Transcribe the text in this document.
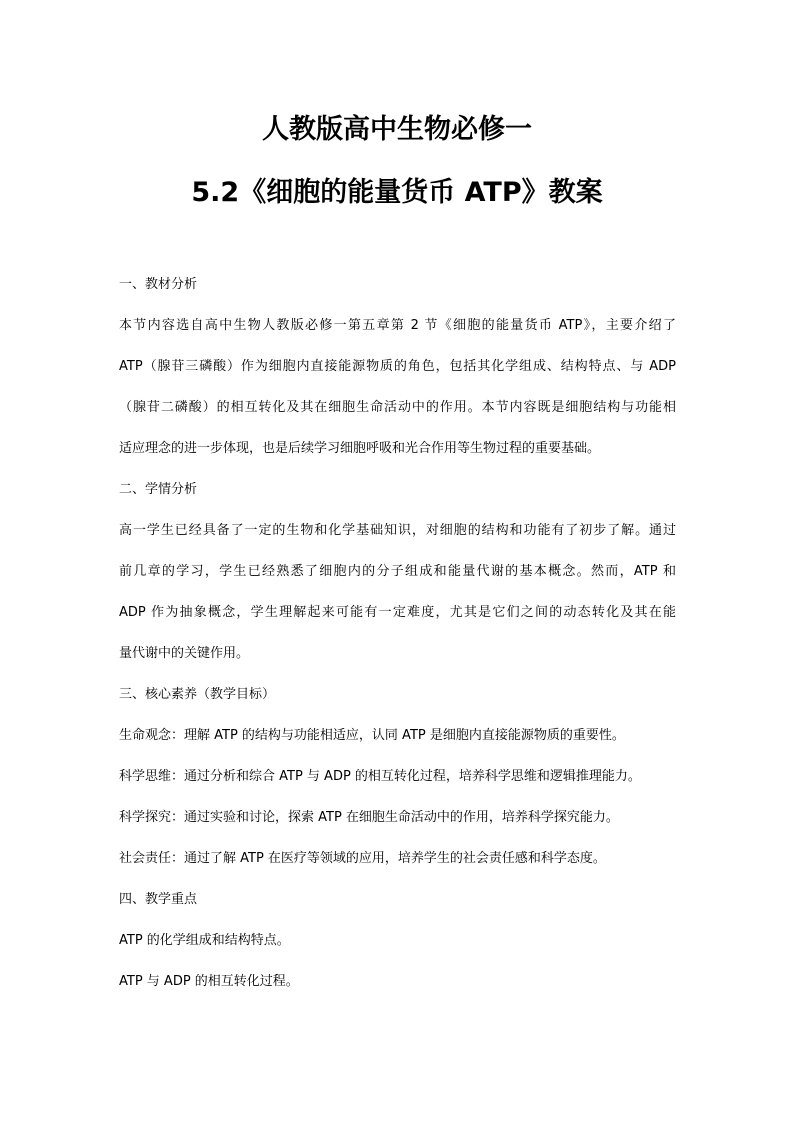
人教版高中生物必修一
5.2《细胞的能量货币 ATP》教案
一、教材分析
本节内容选自高中生物人教版必修一第五章第 2 节《细胞的能量货币 ATP》，主要介绍了
ATP（腺苷三磷酸）作为细胞内直接能源物质的角色，包括其化学组成、结构特点、与 ADP
（腺苷二磷酸）的相互转化及其在细胞生命活动中的作用。本节内容既是细胞结构与功能相
适应理念的进一步体现，也是后续学习细胞呼吸和光合作用等生物过程的重要基础。
二、学情分析
高一学生已经具备了一定的生物和化学基础知识，对细胞的结构和功能有了初步了解。通过
前几章的学习，学生已经熟悉了细胞内的分子组成和能量代谢的基本概念。然而，ATP 和
ADP 作为抽象概念，学生理解起来可能有一定难度，尤其是它们之间的动态转化及其在能
量代谢中的关键作用。
三、核心素养（教学目标）
生命观念：理解 ATP 的结构与功能相适应，认同 ATP 是细胞内直接能源物质的重要性。
科学思维：通过分析和综合 ATP 与 ADP 的相互转化过程，培养科学思维和逻辑推理能力。
科学探究：通过实验和讨论，探索 ATP 在细胞生命活动中的作用，培养科学探究能力。
社会责任：通过了解 ATP 在医疗等领域的应用，培养学生的社会责任感和科学态度。
四、教学重点
ATP 的化学组成和结构特点。
ATP 与 ADP 的相互转化过程。
